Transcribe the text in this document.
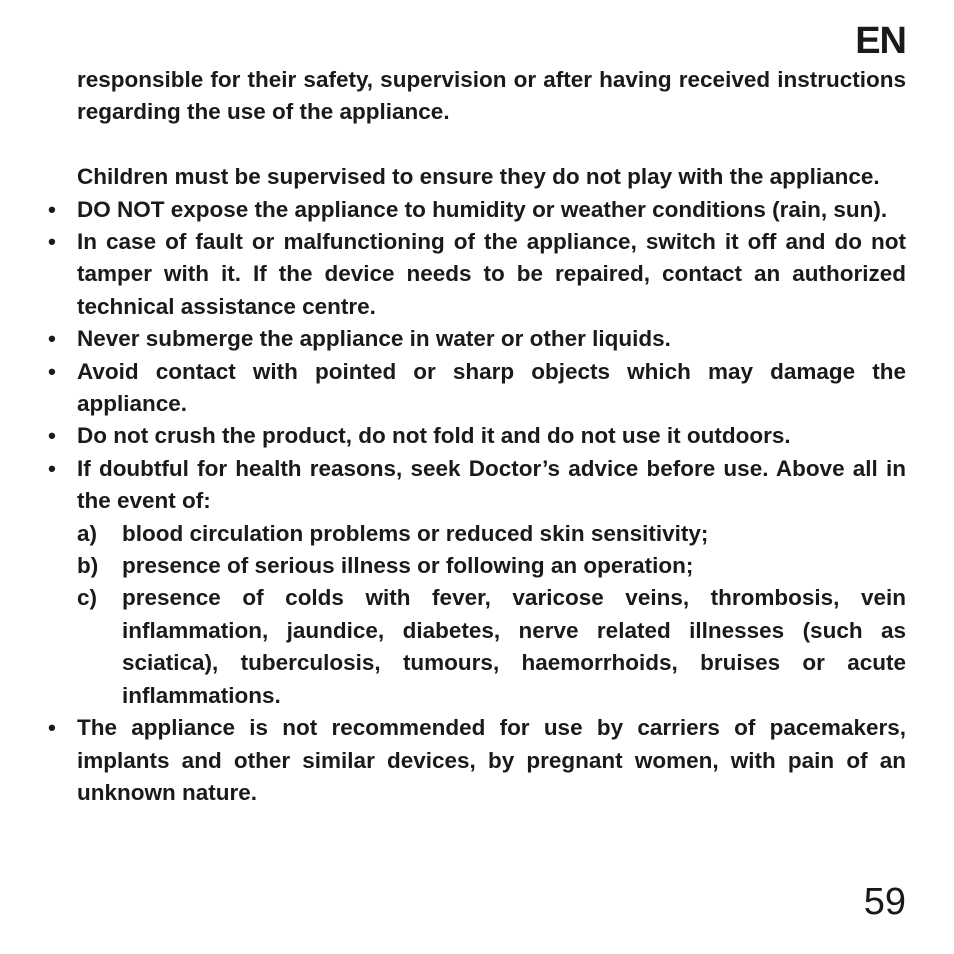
EN

responsible for their safety, supervision or after having received instructions regarding the use of the appliance.

Children must be supervised to ensure they do not play with the appliance.

• DO NOT expose the appliance to humidity or weather conditions (rain, sun).
• In case of fault or malfunctioning of the appliance, switch it off and do not tamper with it. If the device needs to be repaired, contact an authorized technical assistance centre.
• Never submerge the appliance in water or other liquids.
• Avoid contact with pointed or sharp objects which may damage the appliance.
• Do not crush the product, do not fold it and do not use it outdoors.
• If doubtful for health reasons, seek Doctor’s advice before use. Above all in the event of:
a) blood circulation problems or reduced skin sensitivity;
b) presence of serious illness or following an operation;
c) presence of colds with fever, varicose veins, thrombosis, vein inflammation, jaundice, diabetes, nerve related illnesses (such as sciatica), tuberculosis, tumours, haemorrhoids, bruises or acute inflammations.
• The appliance is not recommended for use by carriers of pacemakers, implants and other similar devices, by pregnant women, with pain of an unknown nature.
59
